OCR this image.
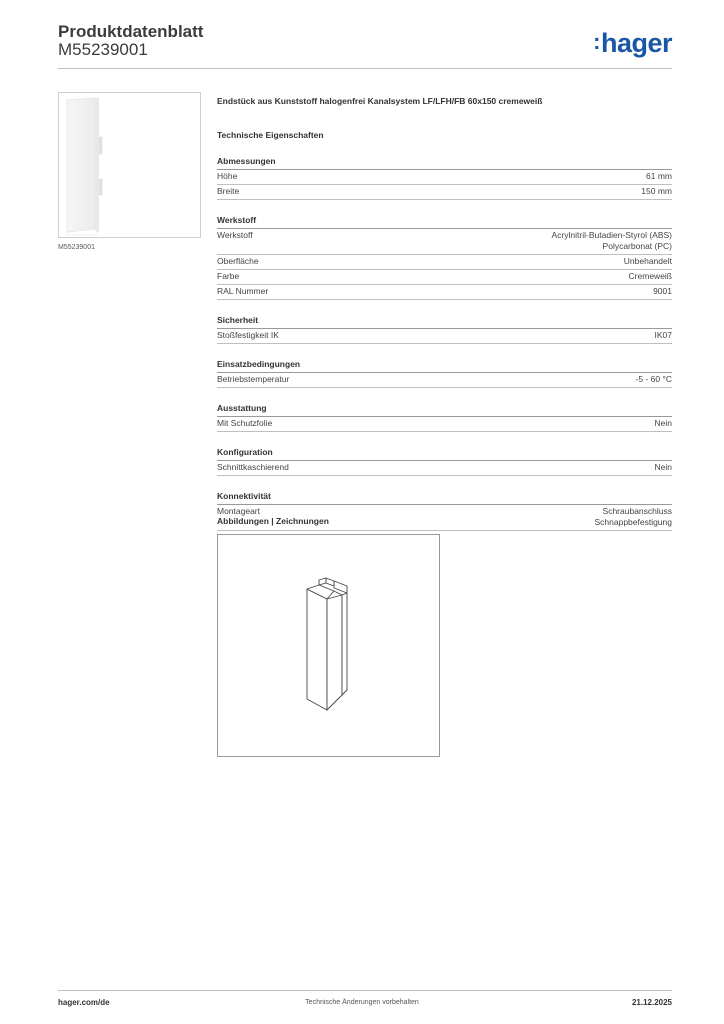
Produktdatenblatt
M55239001	:hager
M55239001
Endstück aus Kunststoff halogenfrei Kanalsystem LF/LFH/FB 60x150 cremeweiß
Technische Eigenschaften
Abmessungen
Höhe	61 mm
Breite	150 mm
Werkstoff
Werkstoff	Acrylnitril-Butadien-Styrol (ABS)
Polycarbonat (PC)
Oberfläche	Unbehandelt
Farbe	Cremeweiß
RAL Nummer	9001
Sicherheit
Stoßfestigkeit IK	IK07
Einsatzbedingungen
Betriebstemperatur	-5 - 60 °C
Ausstattung
Mit Schutzfolie	Nein
Konfiguration
Schnittkaschierend	Nein
Konnektivität
Montageart	Schraubanschluss
Schnappbefestigung
Abbildungen | Zeichnungen
hager.com/de	Technische Änderungen vorbehalten	21.12.2025
